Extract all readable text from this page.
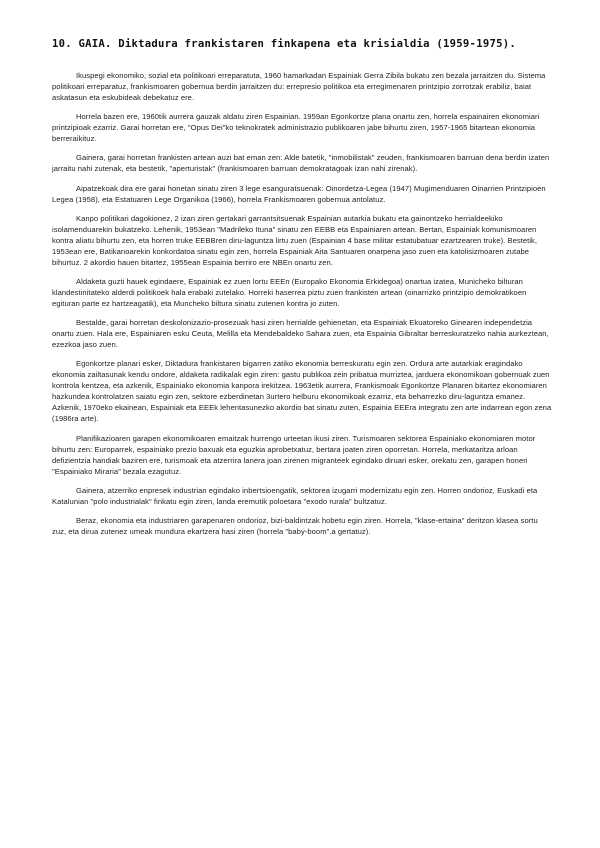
10. GAIA. Diktadura frankistaren finkapena eta krisialdia (1959-1975).

Ikuspegi ekonomiko, sozial eta politikoari erreparatuta, 1960 hamarkadan Espainiak Gerra Zibila bukatu zen bezala jarraitzen du. Sistema politikoari erreparatuz, frankismoaren gobernua berdin jarraitzen du: errepresio politikoa eta erregimenaren printzipio zorrotzak erabiliz, baiat askatasun eta eskubideak debekatuz ere.

Horrela bazen ere, 1960tik aurrera gauzak aldatu ziren Espainian. 1959an Egonkortze plana onartu zen, horrela espainairen ekonomiari printzipioak ezarriz. Garai horretan ere, "Opus Dei"ko teknokratek administrazio publikoaren jabe bihurtu ziren, 1957-1965 bitartean ekonomia berreraikituz.

Gainera, garai horretan frankisten artean auzi bat eman zen: Alde batetik, "inmobilistak" zeuden, frankismoaren barruan dena berdin izaten jarraitu nahi zutenak, eta bestetik, "aperturistak" (frankismoaren barruan demokratagoak izan nahi zirenak).

Aipatzekoak dira ere garai honetan sinatu ziren 3 lege esanguratsuenak: Oinordetza-Legea (1947) Mugimenduaren Oinarrien Printzipioen Legea (1958), eta Estatuaren Lege Organikoa (1966), horrela Frankismoaren gobernua antolatuz.

Kanpo politikari dagokionez, 2 izan ziren gertakari garrantsitsuenak Espainian autarkia bukatu eta gainontzeko herrialdeekiko isolamenduarekin bukatzeko. Lehenik, 1953ean "Madrileko Ituna" sinatu zen EEBB eta Espainiaren artean. Bertan, Espainiak komunismoaren kontra aliatu bihurtu zen, eta horren truke EEBBren diru-laguntza lirtu zuen (Espainian 4 base militar estatubatuar ezartzearen truke). Bestetik, 1953ean ere, Batikanoarekin konkordatoa sinatu egin zen, horrela Espainiak Aita Santuaren onarpena jaso zuen eta katolisizmoaren zutabe bihurtuz. 2 akordio hauen bitartez, 1955ean Espainia berriro ere NBEn onartu zen.

Aldaketa guzti hauek egindaere, Espainiak ez zuen lortu EEEn (Europako Ekonomia Erkidegoa) onartua izatea, Municheko bilturan klandestinitateko alderdi politikoek hala erabaki zutelako. Horreki haserrea piztu zuen frankisten artean (oinarrizko printzipio demokratikoen egituran parte ez hartzeagatik), eta Muncheko biltura sinatu zutenen kontra jo zuten.

Bestalde, garai horretan deskolonizazio-prosezuak hasi ziren herrialde gehienetan, eta Espainiak Ekuatoreko Ginearen independetzia onartu zuen. Hala ere, Espainiaren esku Ceuta, Melilla eta Mendebaldeko Sahara zuen, eta Espainia Gibraltar berreskuratzeko nahia aurkeztean, ezezkoa jaso zuen.

Egonkortze planari esker, Diktadura frankistaren bigarren zatiko ekonomia berreskuratu egin zen. Ordura arte autarkiak eragindako ekonomia zailtasunak kendu ondore, aldaketa radikalak egin ziren: gastu publikoa zein pribatua murriztea, jarduera ekonomikoan gobernuak zuen kontrola kentzea, eta azkenik, Espainiako ekonomia kanpora irekitzea. 1963etik aurrera, Frankismoak Egonkortze Planaren bitartez ekonomiaren hazkundea kontrolatzen saiatu egin zen, sektore ezberdinetan 3urtero helburu ekonomikoak ezarriz, eta beharrezko diru-laguntza emanez. Azkenik, 1970eko ekainean, Espainiak eta EEEk lehentasunezko akordio bat sinatu zuten, Espainia EEEra integratu zen arte indarrean egon zena (1986ra arte).

Planifikazioaren garapen ekonomikoaren emaitzak hurrengo urteetan ikusi ziren. Turismoaren sektorea Espainiako ekonomiaren motor bihurtu zen: Europarrek, espainiako prezio baxuak eta eguzkia aprobetxatuz, bertara joaten ziren oporretan. Horrela, merkataritza arloan defizientzia handiak baziren ere, turismoak eta atzerrira lanera joan zirenen migranteek egindako diruari esker, orekatu zen, garapen honeri "Espainiako Miraria" bezala ezagutuz.

Gainera, atzerriko enpresek industrian egindako inbertsioengatik, sektorea izugarri modernizatu egin zen. Horren ondorioz, Euskadi eta Katalunian "polo industrialak" finkatu egin ziren, landa eremutik poloetara "exodo rurala" bultzatuz.

Beraz, ekonomia eta industriaren garapenaren ondorioz, bizi-baldintzak hobetu egin ziren. Horrela, "klase-ertaina" deritzon klasea sortu zuz, eta dirua zutenez umeak mundura ekartzera hasi ziren (horrela "baby-boom".a gertatuz).
